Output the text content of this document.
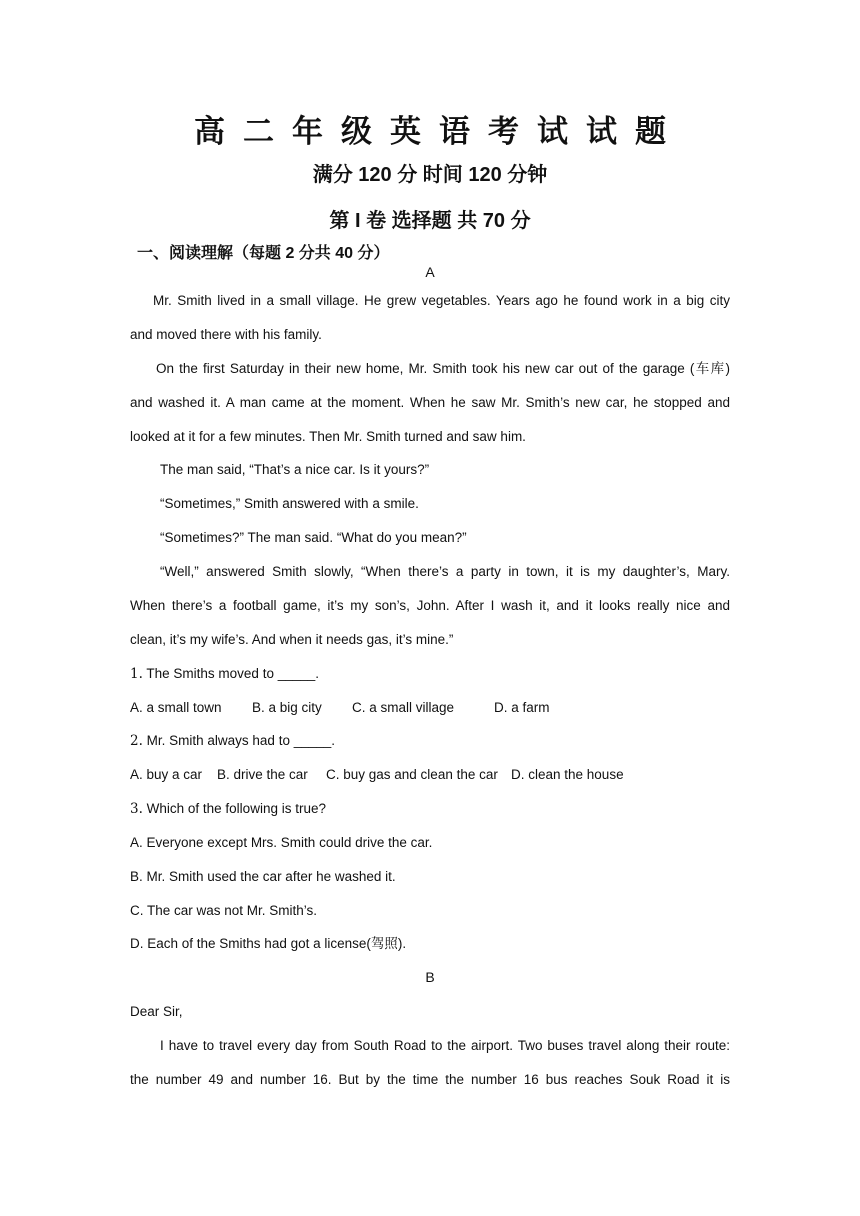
高二年级英语考试试题
满分 120 分 时间 120 分钟
第 I 卷 选择题 共 70 分
一、阅读理解（每题 2 分共 40 分）
A
Mr. Smith lived in a small village. He grew vegetables. Years ago he found work in a big city
and moved there with his family.
On the first Saturday in their new home, Mr. Smith took his new car out of the garage (车库)
and washed it. A man came at the moment. When he saw Mr. Smith’s new car, he stopped and
looked at it for a few minutes. Then Mr. Smith turned and saw him.
The man said, “That’s a nice car. Is it yours?”
“Sometimes,” Smith answered with a smile.
“Sometimes?” The man said. “What do you mean?”
“Well,” answered Smith slowly, “When there’s a party in town, it is my daughter’s, Mary.
When there’s a football game, it’s my son’s, John. After I wash it, and it looks really nice and
clean, it’s my wife’s. And when it needs gas, it’s mine.”
1. The Smiths moved to _____.
A. a small town B. a big city C. a small village	D. a farm
2. Mr. Smith always had to _____.
A. buy a car B. drive the car C. buy gas and clean the car D. clean the house
3. Which of the following is true?
A. Everyone except Mrs. Smith could drive the car.
B. Mr. Smith used the car after he washed it.
C. The car was not Mr. Smith’s.
D. Each of the Smiths had got a license(驾照).
B
Dear Sir,
I have to travel every day from South Road to the airport. Two buses travel along their route:
the number 49 and number 16. But by the time the number 16 bus reaches Souk Road it is
